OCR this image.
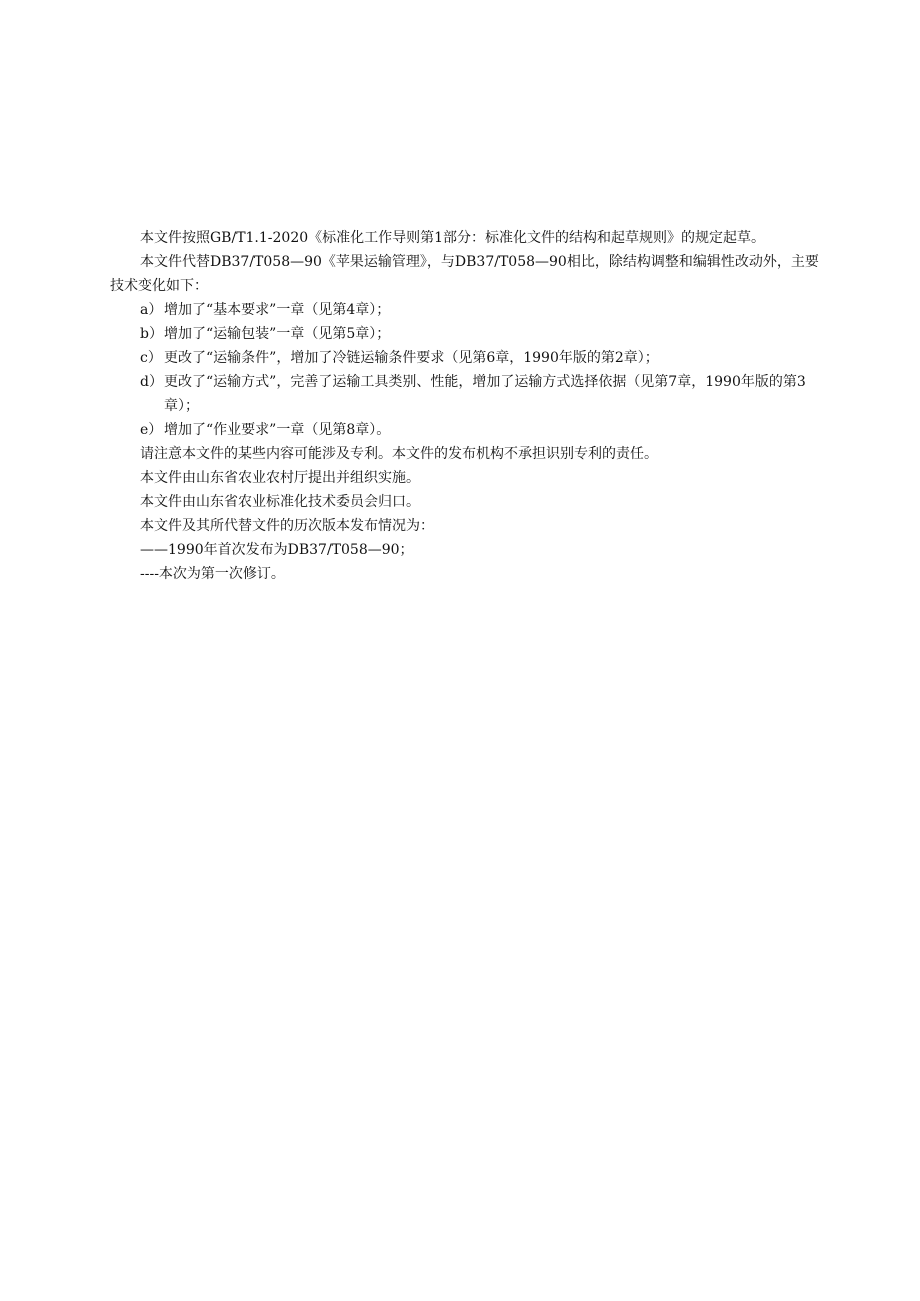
本文件按照GB/T1.1-2020《标准化工作导则第1部分：标准化文件的结构和起草规则》的规定起草。
本文件代替DB37/T058—90《苹果运输管理》，与DB37/T058—90相比，除结构调整和编辑性改动外，主要技术变化如下：
a） 增加了“基本要求”一章（见第4章）；
b） 增加了“运输包装”一章（见第5章）；
c） 更改了“运输条件”，增加了冷链运输条件要求（见第6章，1990年版的第2章）；
d） 更改了“运输方式”，完善了运输工具类别、性能，增加了运输方式选择依据（见第7章，1990年版的第3章）；
e） 增加了“作业要求”一章（见第8章）。
请注意本文件的某些内容可能涉及专利。本文件的发布机构不承担识别专利的责任。
本文件由山东省农业农村厅提出并组织实施。
本文件由山东省农业标准化技术委员会归口。
本文件及其所代替文件的历次版本发布情况为：
——1990年首次发布为DB37/T058—90；
----本次为第一次修订。
